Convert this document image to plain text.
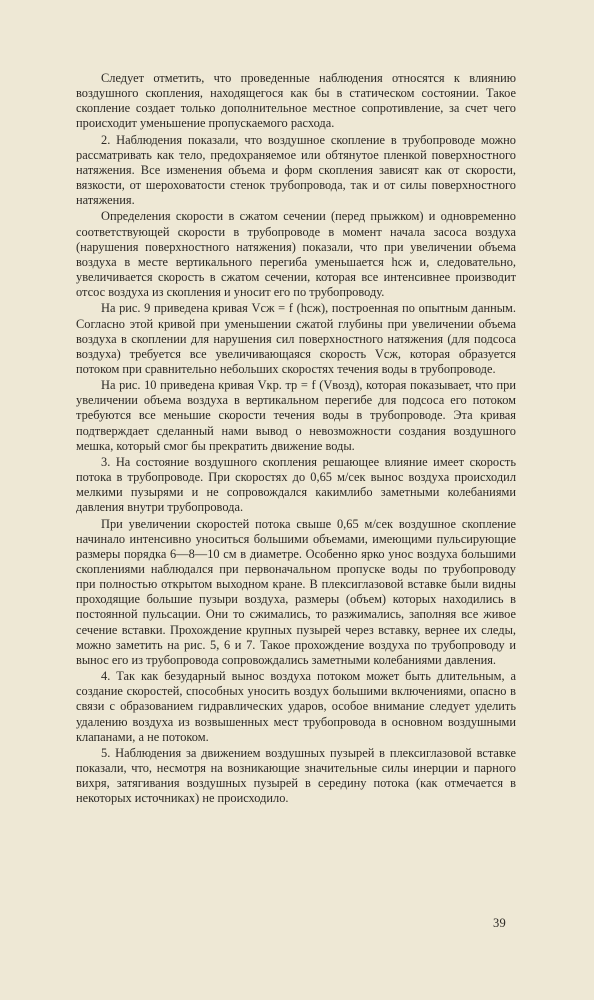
Следует отметить, что проведенные наблюдения относятся к влиянию воздушного скопления, находящегося как бы в статическом состоянии. Такое скопление создает только дополнительное местное сопротивление, за счет чего происходит уменьшение пропускаемого расхода.

2. Наблюдения показали, что воздушное скопление в трубопроводе можно рассматривать как тело, предохраняемое или обтянутое пленкой поверхностного натяжения. Все изменения объема и форм скопления зависят как от скорости, вязкости, от шероховатости стенок трубопровода, так и от силы поверхностного натяжения.

Определения скорости в сжатом сечении (перед прыжком) и одновременно соответствующей скорости в трубопроводе в момент начала засоса воздуха (нарушения поверхностного натяжения) показали, что при увеличении объема воздуха в месте вертикального перегиба уменьшается hсж и, следовательно, увеличивается скорость в сжатом сечении, которая все интенсивнее производит отсос воздуха из скопления и уносит его по трубопроводу.

На рис. 9 приведена кривая Vсж = f (hсж), построенная по опытным данным. Согласно этой кривой при уменьшении сжатой глубины при увеличении объема воздуха в скоплении для нарушения сил поверхностного натяжения (для подсоса воздуха) требуется все увеличивающаяся скорость Vсж, которая образуется потоком при сравнительно небольших скоростях течения воды в трубопроводе.

На рис. 10 приведена кривая Vкр. тр = f (Vвозд), которая показывает, что при увеличении объема воздуха в вертикальном перегибе для подсоса его потоком требуются все меньшие скорости течения воды в трубопроводе. Эта кривая подтверждает сделанный нами вывод о невозможности создания воздушного мешка, который смог бы прекратить движение воды.

3. На состояние воздушного скопления решающее влияние имеет скорость потока в трубопроводе. При скоростях до 0,65 м/сек вынос воздуха происходил мелкими пузырями и не сопровождался какимлибо заметными колебаниями давления внутри трубопровода.

При увеличении скоростей потока свыше 0,65 м/сек воздушное скопление начинало интенсивно уноситься большими объемами, имеющими пульсирующие размеры порядка 6—8—10 см в диаметре. Особенно ярко унос воздуха большими скоплениями наблюдался при первоначальном пропуске воды по трубопроводу при полностью открытом выходном кране. В плексиглазовой вставке были видны проходящие большие пузыри воздуха, размеры (объем) которых находились в постоянной пульсации. Они то сжимались, то разжимались, заполняя все живое сечение вставки. Прохождение крупных пузырей через вставку, вернее их следы, можно заметить на рис. 5, 6 и 7. Такое прохождение воздуха по трубопроводу и вынос его из трубопровода сопровождались заметными колебаниями давления.

4. Так как безударный вынос воздуха потоком может быть длительным, а создание скоростей, способных уносить воздух большими включениями, опасно в связи с образованием гидравлических ударов, особое внимание следует уделить удалению воздуха из возвышенных мест трубопровода в основном воздушными клапанами, а не потоком.

5. Наблюдения за движением воздушных пузырей в плексиглазовой вставке показали, что, несмотря на возникающие значительные силы инерции и парного вихря, затягивания воздушных пузырей в середину потока (как отмечается в некоторых источниках) не происходило.

39
